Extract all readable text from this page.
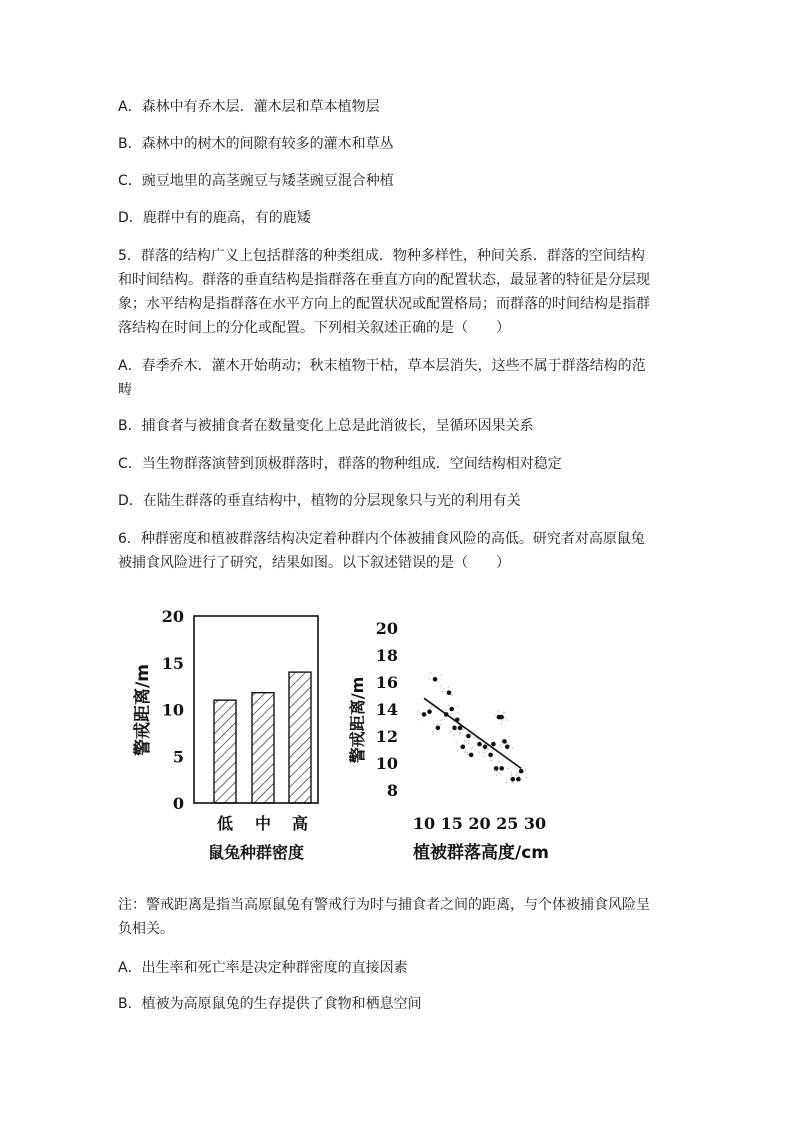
A．森林中有乔木层．灌木层和草本植物层
B．森林中的树木的间隙有较多的灌木和草丛
C．豌豆地里的高茎豌豆与矮茎豌豆混合种植
D．鹿群中有的鹿高，有的鹿矮
5．群落的结构广义上包括群落的种类组成．物种多样性，种间关系．群落的空间结构
和时间结构。群落的垂直结构是指群落在垂直方向的配置状态，最显著的特征是分层现
象；水平结构是指群落在水平方向上的配置状况或配置格局；而群落的时间结构是指群
落结构在时间上的分化或配置。下列相关叙述正确的是（　　）
A．春季乔木．灌木开始萌动；秋末植物干枯，草本层消失，这些不属于群落结构的范
畴
B．捕食者与被捕食者在数量变化上总是此消彼长，呈循环因果关系
C．当生物群落演替到顶极群落时，群落的物种组成．空间结构相对稳定
D．在陆生群落的垂直结构中，植物的分层现象只与光的利用有关
6．种群密度和植被群落结构决定着种群内个体被捕食风险的高低。研究者对高原鼠兔
被捕食风险进行了研究，结果如图。以下叙述错误的是（　　）
0
5
10
15
20
低 中 高
警戒距离/m
鼠兔种群密度
8
10
12
14
16
18
20
10 15 20 25 30
警戒距离/m
植被群落高度/cm
注：警戒距离是指当高原鼠兔有警戒行为时与捕食者之间的距离，与个体被捕食风险呈
负相关。
A．出生率和死亡率是决定种群密度的直接因素
B．植被为高原鼠兔的生存提供了食物和栖息空间
